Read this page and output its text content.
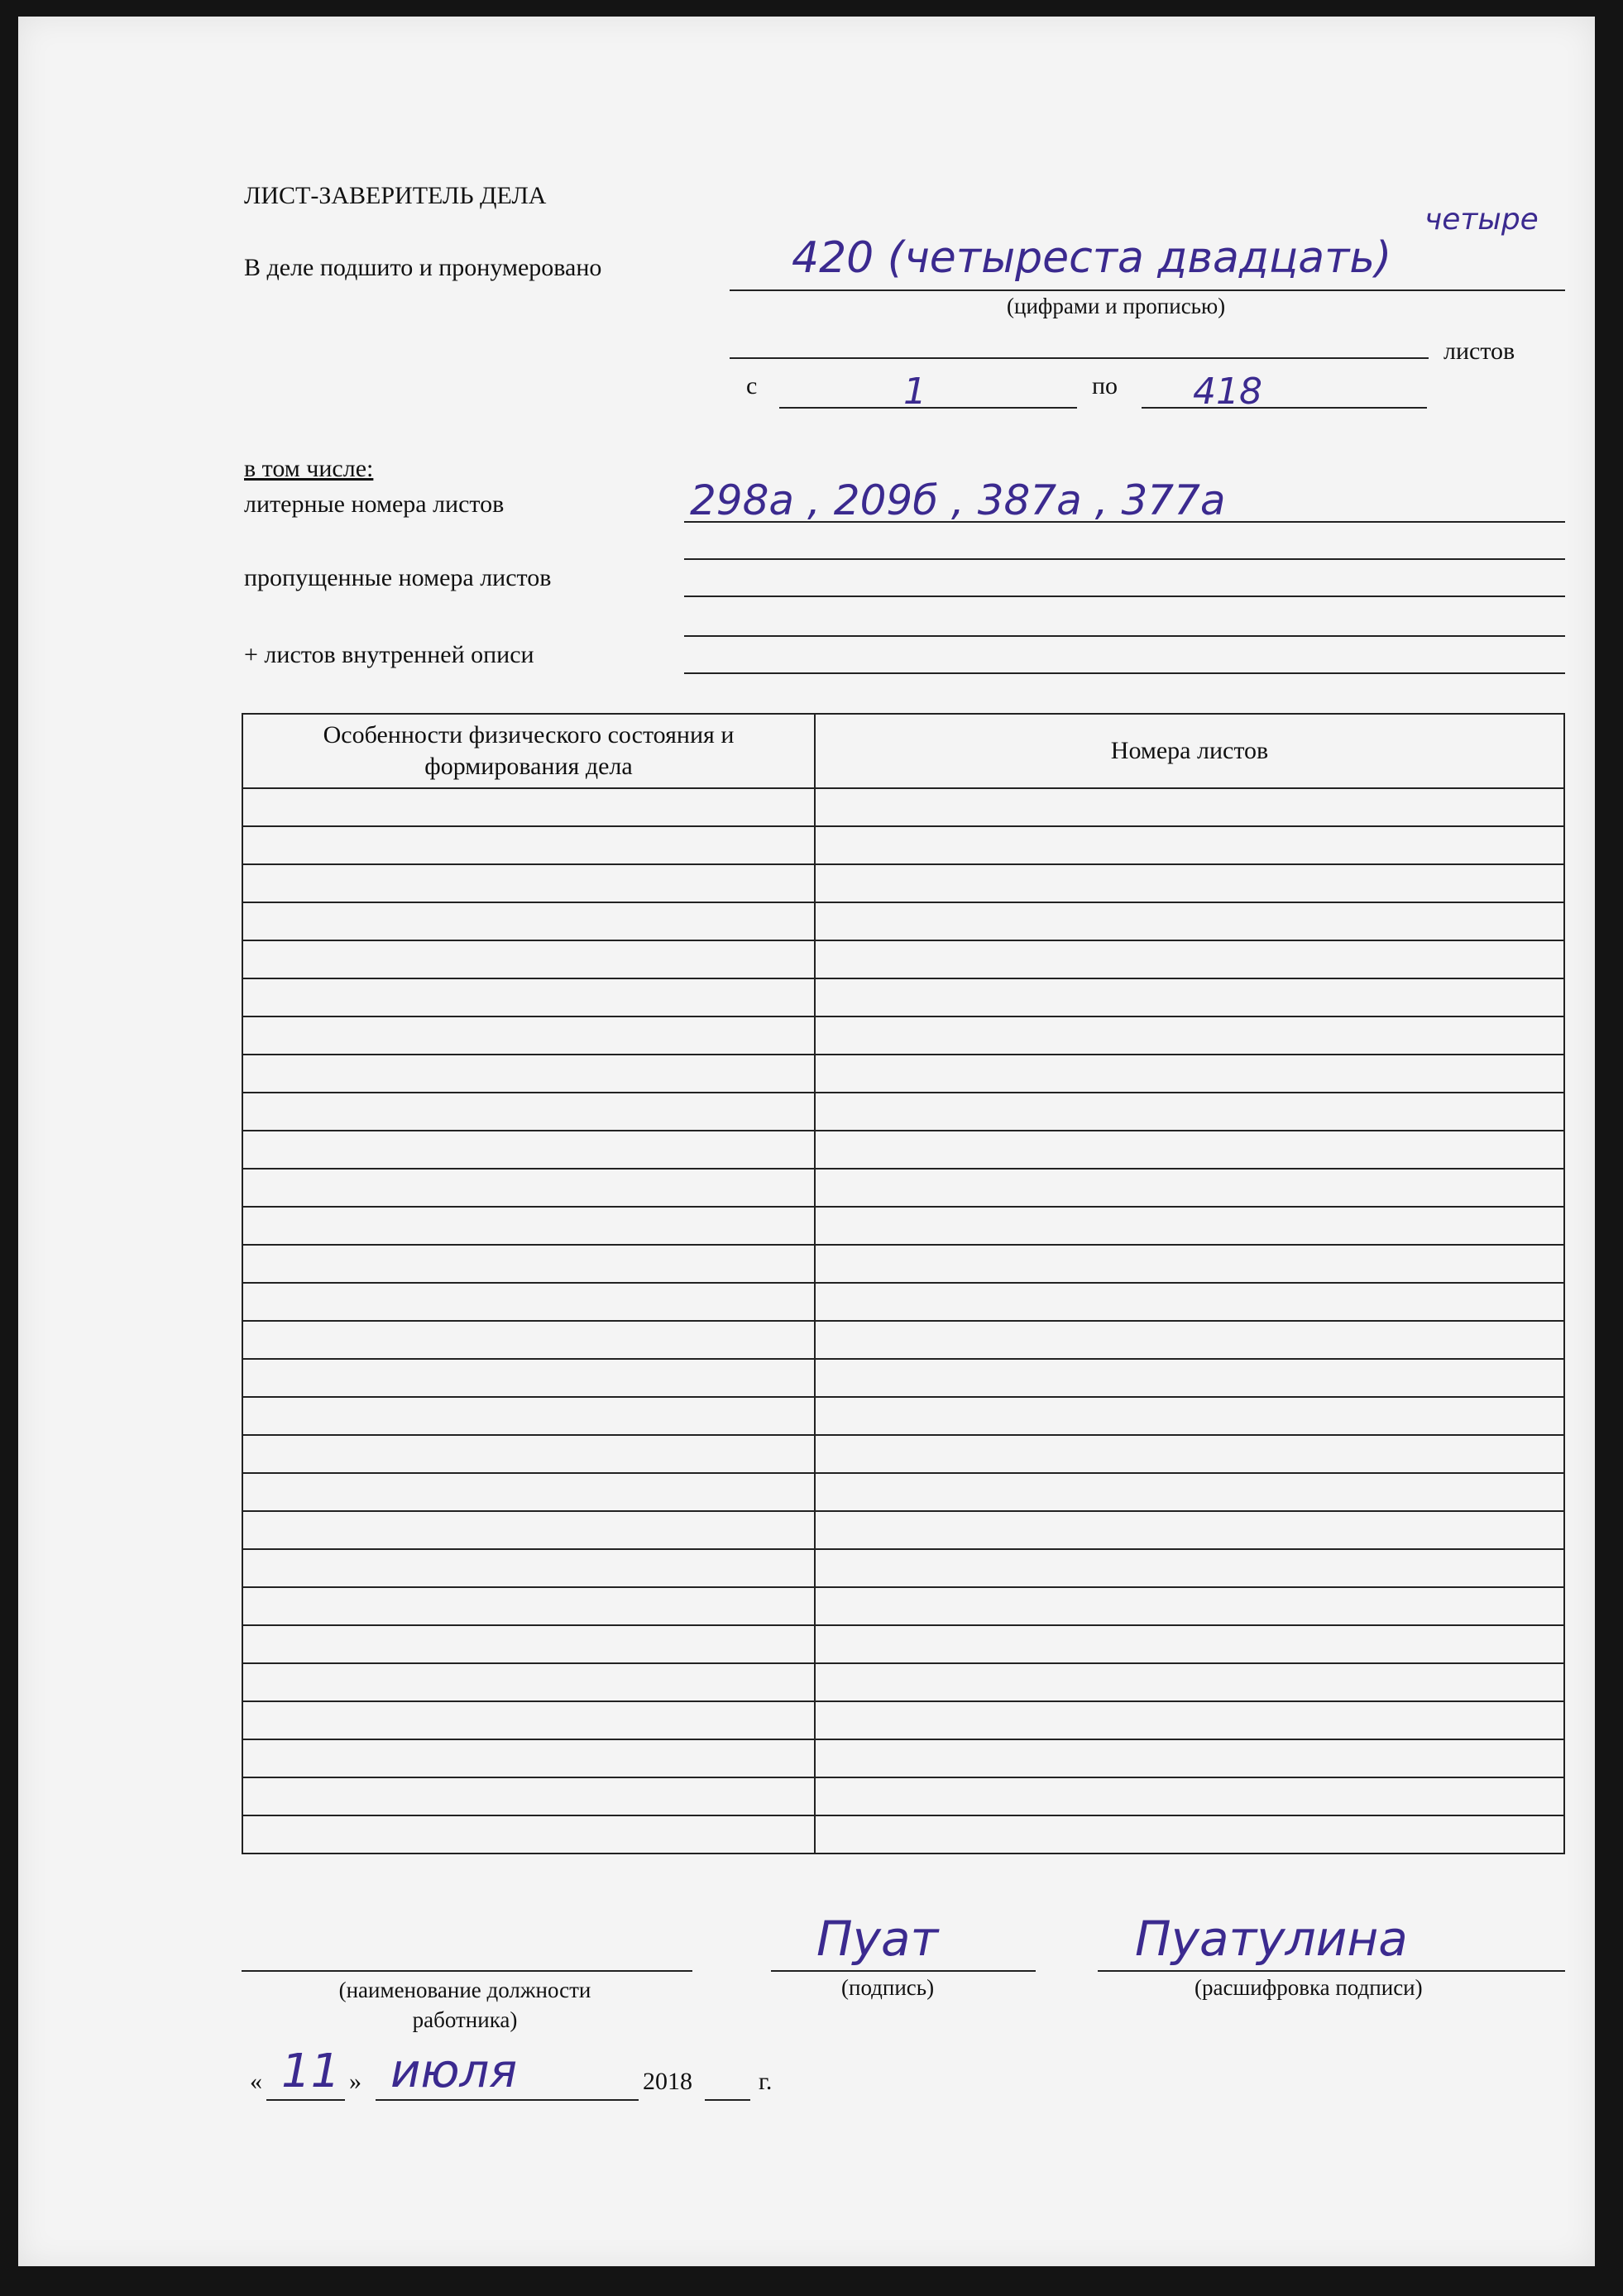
ЛИСТ-ЗАВЕРИТЕЛЬ ДЕЛА
В деле подшито и пронумеровано	420 (четыреста двадцать)
четыре
(цифрами и прописью)
листов
с	1	по 418
в том числе:
литерные номера листов	298а , 209б , 387а , 377а
пропущенные номера листов
+ листов внутренней описи
Особенности физического состояния и формирования дела	Номера листов

(наименование должности работника)
Пуат
(подпись)
Пуатулина
(расшифровка подписи)
« 11 » июля	2018	г.
